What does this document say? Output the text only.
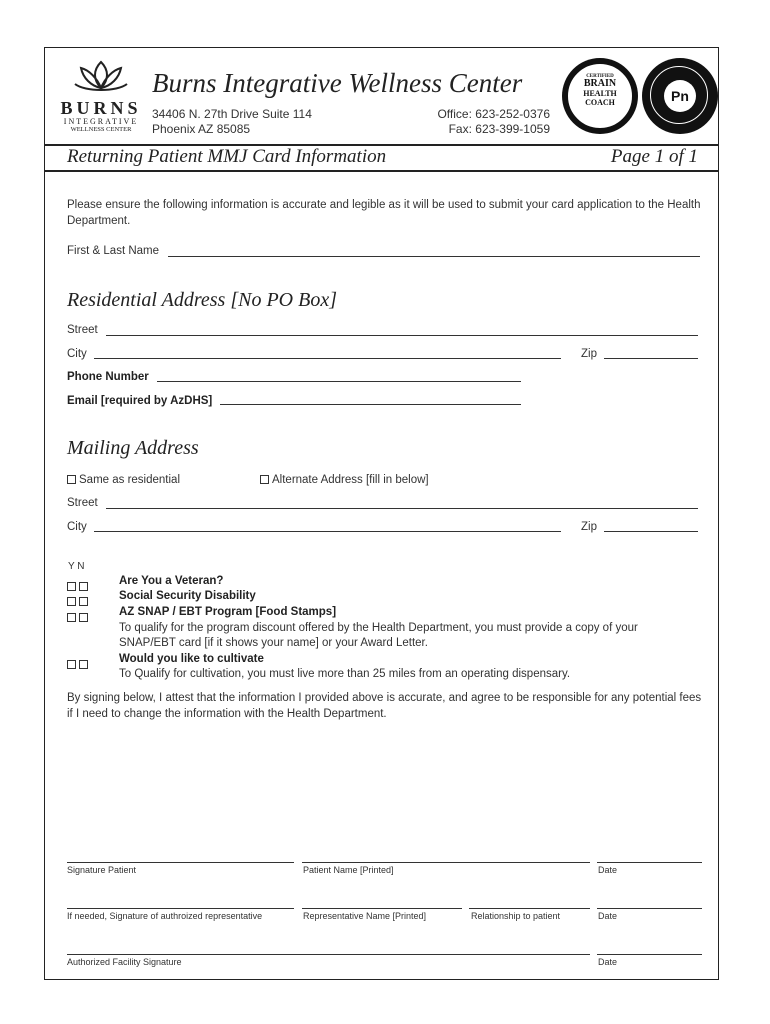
BURNS
INTEGRATIVE
WELLNESS CENTER
Burns Integrative Wellness Center
34406 N. 27th Drive Suite 114
Phoenix AZ 85085
Office: 623-252-0376
Fax: 623-399-1059
CERTIFIED
BRAIN
HEALTH
COACH	Pn
Returning Patient MMJ Card Information	Page 1 of 1
Please ensure the following information is accurate and legible as it will be used to submit your card application to the Health Department.
First & Last Name
Residential Address [No PO Box]
Street
City	Zip
Phone Number
Email [required by AzDHS]
Mailing Address
Same as residential	Alternate Address [fill in below]
Street
City	Zip
Y N
Are You a Veteran?
Social Security Disability
AZ SNAP / EBT Program [Food Stamps]
To qualify for the program discount offered by the Health Department, you must provide a copy of your
SNAP/EBT card [if it shows your name] or your Award Letter.
Would you like to cultivate
To Qualify for cultivation, you must live more than 25 miles from an operating dispensary.
By signing below, I attest that the information I provided above is accurate, and agree to be responsible for any potential fees if I need to change the information with the Health Department.
Signature Patient	Patient Name [Printed]	Date
If needed, Signature of authroized representative	Representative Name [Printed]	Relationship to patient	Date
Authorized Facility Signature	Date
